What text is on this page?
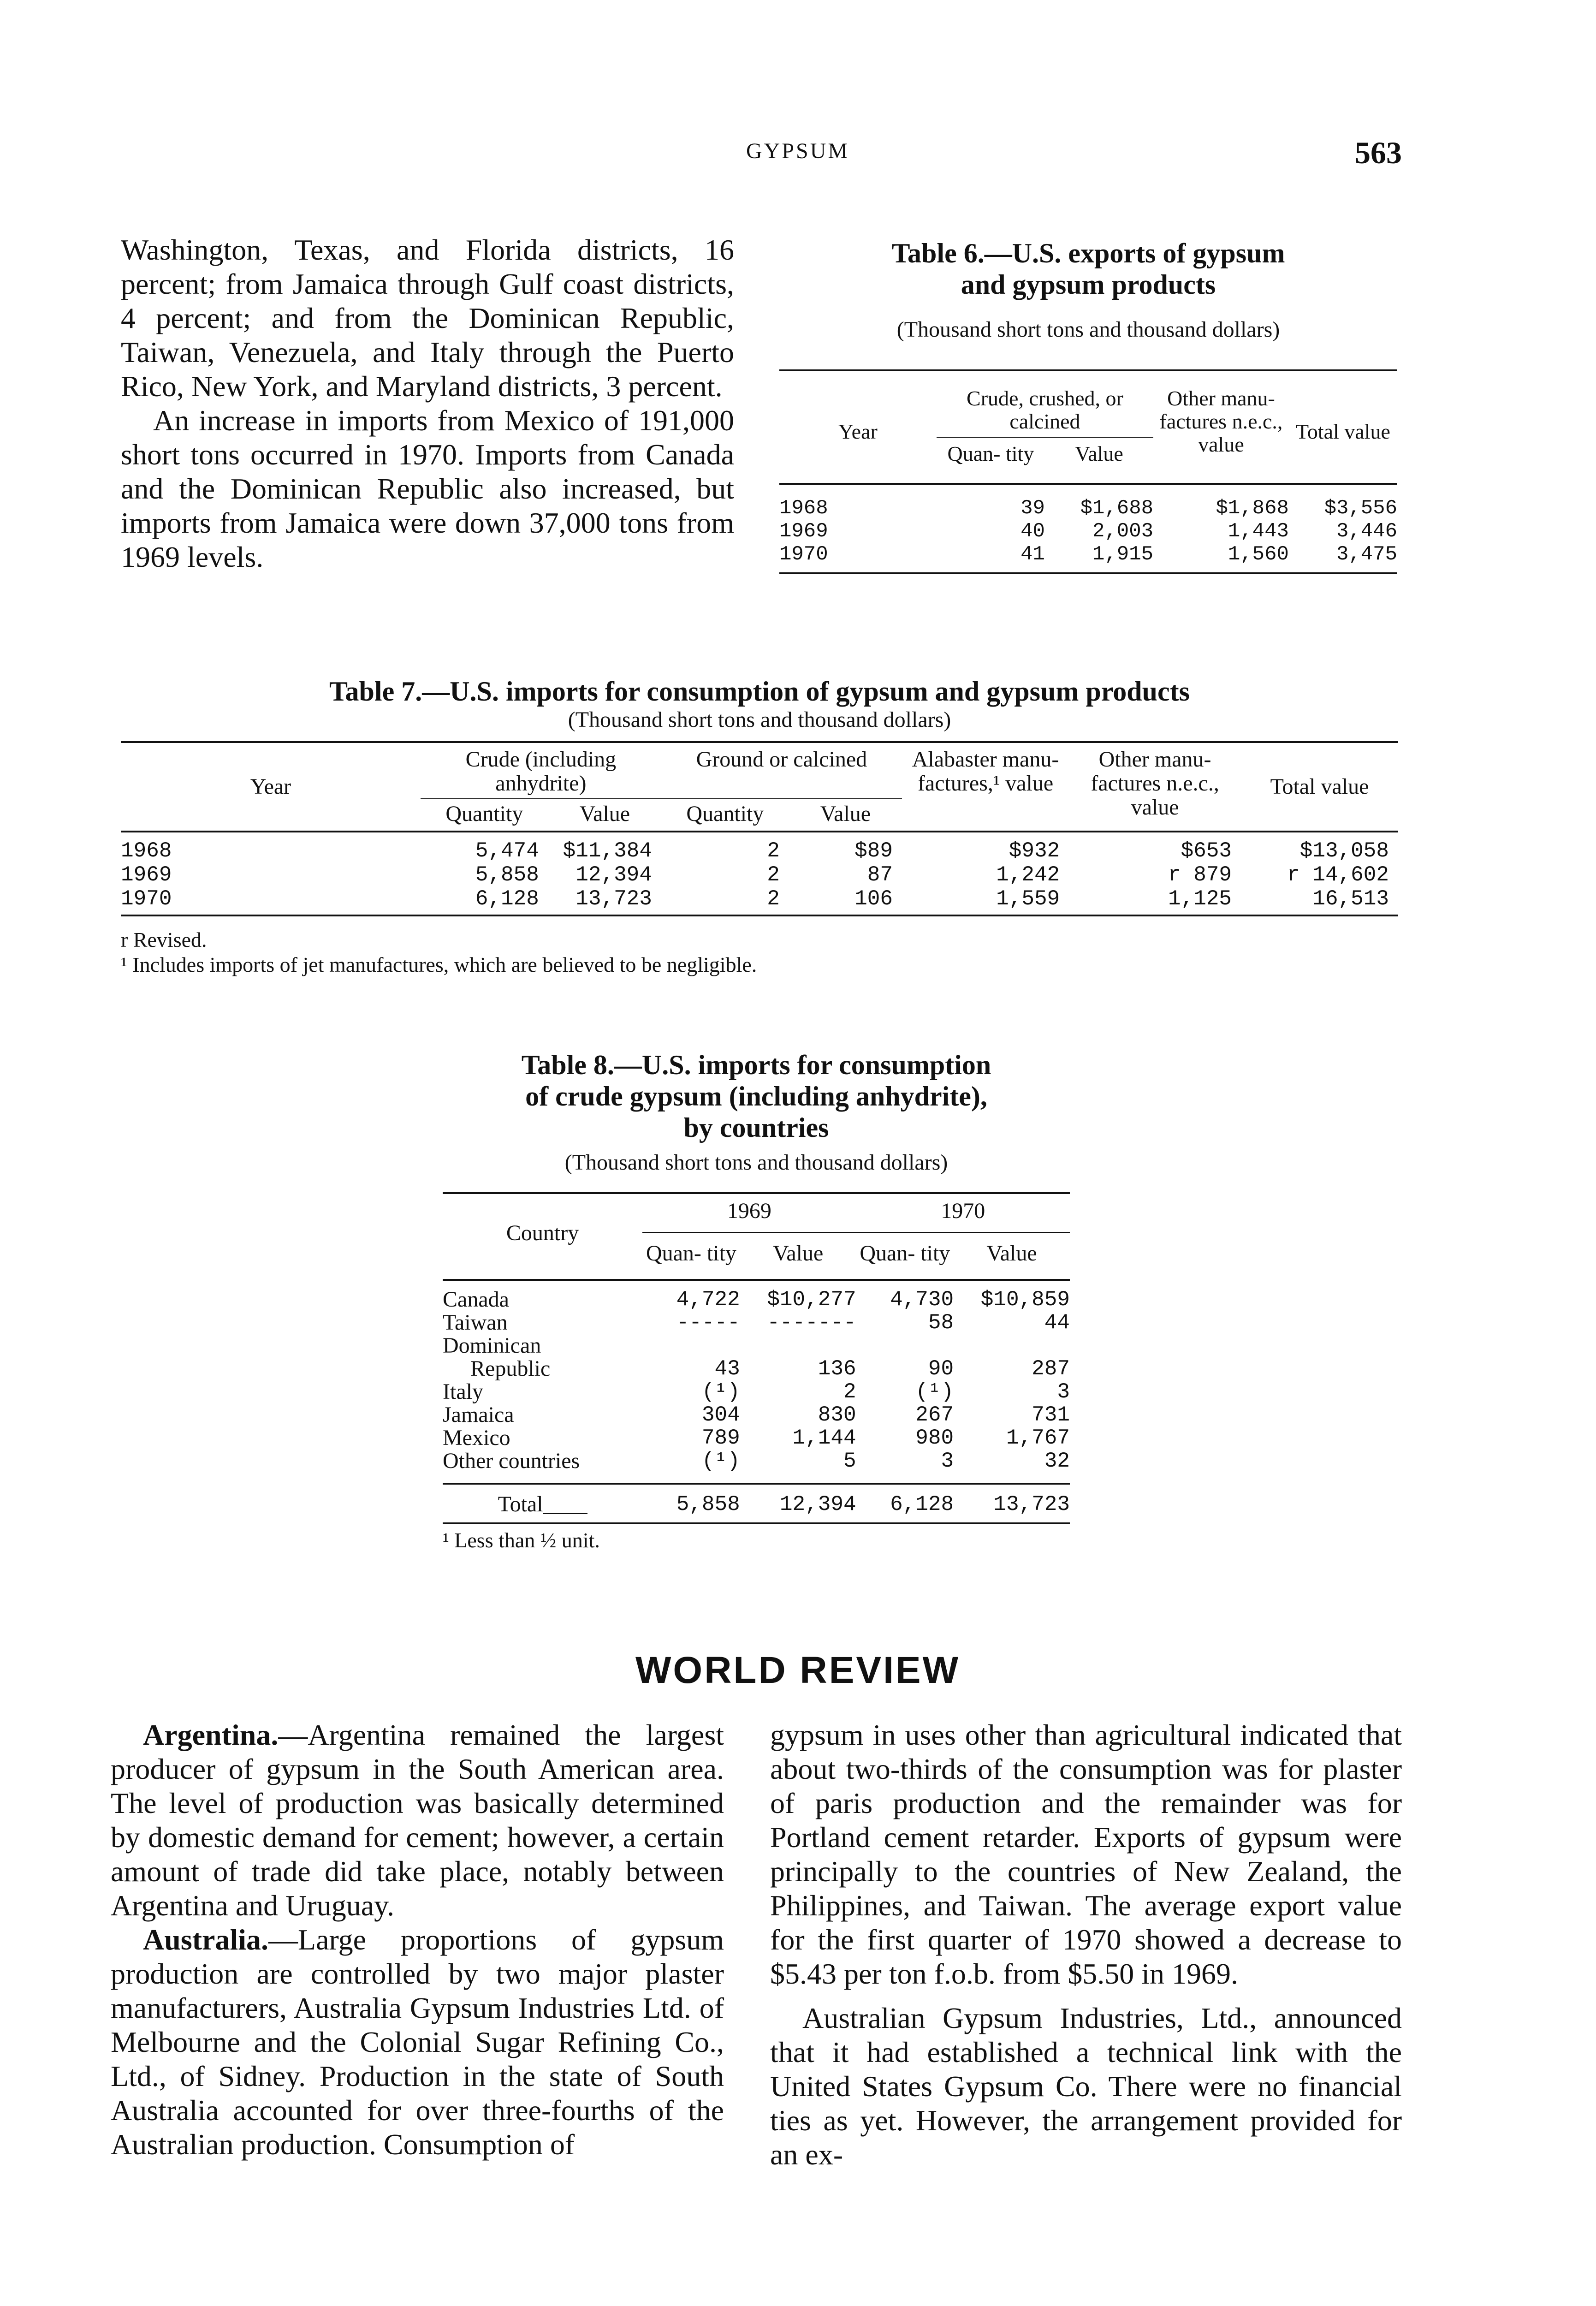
GYPSUM	563

Washington, Texas, and Florida districts, 16 percent; from Jamaica through Gulf coast districts, 4 percent; and from the Dominican Republic, Taiwan, Venezuela, and Italy through the Puerto Rico, New York, and Maryland districts, 3 percent.

An increase in imports from Mexico of 191,000 short tons occurred in 1970. Imports from Canada and the Dominican Republic also increased, but imports from Jamaica were down 37,000 tons from 1969 levels.

Table 6.—U.S. exports of gypsum
and gypsum products
(Thousand short tons and thousand dollars)
Year	Crude, crushed, or calcined		Other manu- factures n.e.c., value	Total value
	Quan- tity	Value		
1968	39	$1,688	$1,868	$3,556
1969	40	2,003	1,443	3,446
1970	41	1,915	1,560	3,475
Table 7.—U.S. imports for consumption of gypsum and gypsum products
(Thousand short tons and thousand dollars)
Year	Crude (including anhydrite)		Ground or calcined		Alabaster manu- factures,¹ value	Other manu- factures n.e.c., value	Total value
	Quantity	Value	Quantity	Value			
1968	5,474	$11,384	2	$89	$932	$653	$13,058
1969	5,858	12,394	2	87	1,242	r 879	r 14,602
1970	6,128	13,723	2	106	1,559	1,125	16,513
r Revised.
¹ Includes imports of jet manufactures, which are believed to be negligible.
Table 8.—U.S. imports for consumption
of crude gypsum (including anhydrite),
by countries
(Thousand short tons and thousand dollars)
Country	1969		1970	
	Quan- tity	Value	Quan- tity	Value
Canada	4,722	$10,277	4,730	$10,859
Taiwan	-----	-------	58	44
Dominican				
Republic	43	136	90	287
Italy	(¹)	2	(¹)	3
Jamaica	304	830	267	731
Mexico	789	1,144	980	1,767
Other countries	(¹)	5	3	32
Total____	5,858	12,394	6,128	13,723
¹ Less than ½ unit.
WORLD REVIEW

Argentina.—Argentina remained the largest producer of gypsum in the South American area. The level of production was basically determined by domestic demand for cement; however, a certain amount of trade did take place, notably between Argentina and Uruguay.

Australia.—Large proportions of gypsum production are controlled by two major plaster manufacturers, Australia Gypsum Industries Ltd. of Melbourne and the Colonial Sugar Refining Co., Ltd., of Sidney. Production in the state of South Australia accounted for over three-fourths of the Australian production. Consumption of

gypsum in uses other than agricultural indicated that about two-thirds of the consumption was for plaster of paris production and the remainder was for Portland cement retarder. Exports of gypsum were principally to the countries of New Zealand, the Philippines, and Taiwan. The average export value for the first quarter of 1970 showed a decrease to $5.43 per ton f.o.b. from $5.50 in 1969.

Australian Gypsum Industries, Ltd., announced that it had established a technical link with the United States Gypsum Co. There were no financial ties as yet. However, the arrangement provided for an ex-
